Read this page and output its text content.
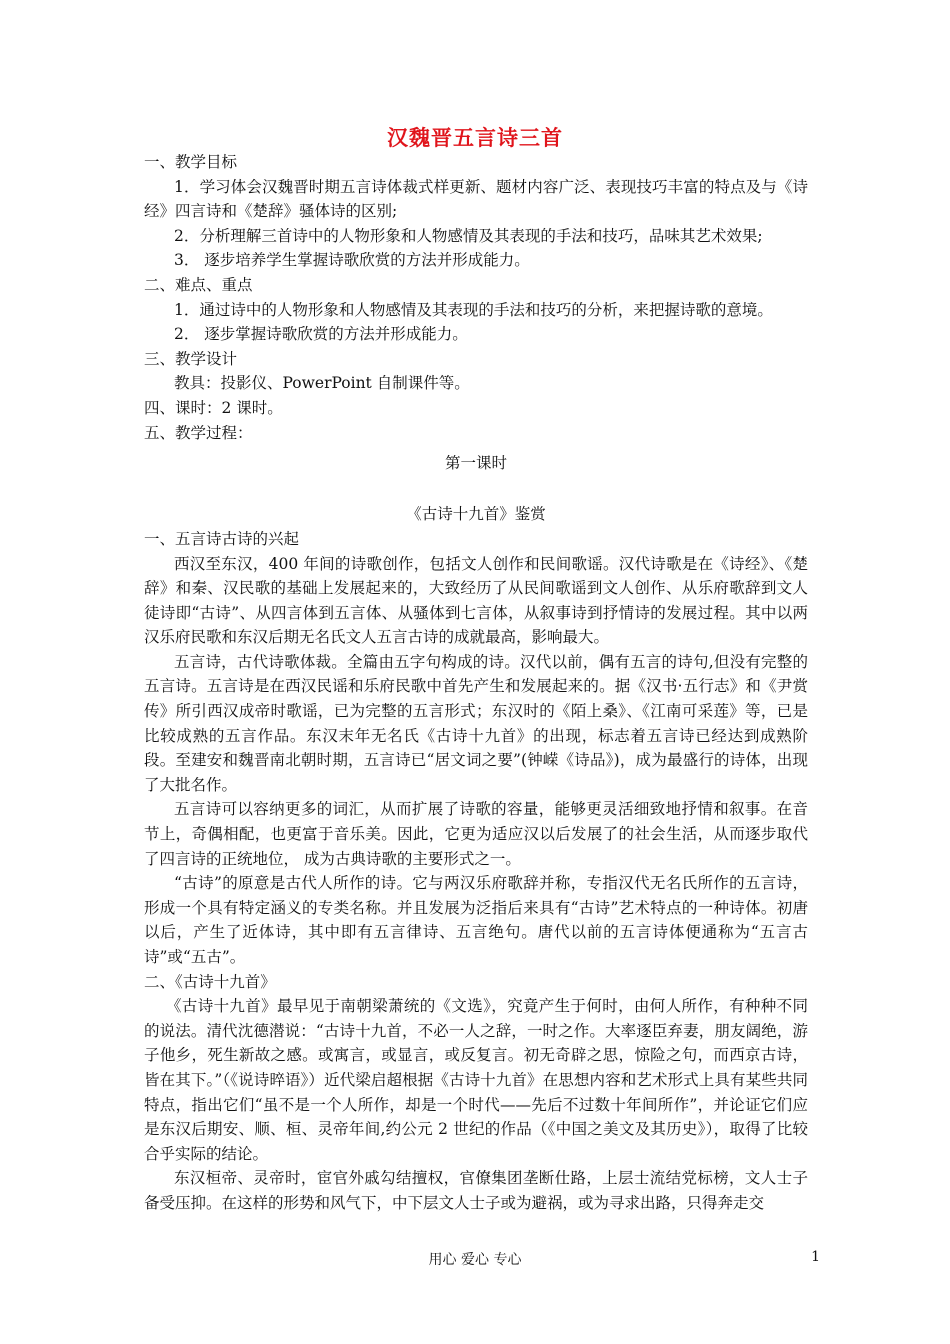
汉魏晋五言诗三首

一、教学目标

1．学习体会汉魏晋时期五言诗体裁式样更新、题材内容广泛、表现技巧丰富的特点及与《诗经》四言诗和《楚辞》骚体诗的区别;

2．分析理解三首诗中的人物形象和人物感情及其表现的手法和技巧，品味其艺术效果;

3． 逐步培养学生掌握诗歌欣赏的方法并形成能力。

二、难点、重点

1．通过诗中的人物形象和人物感情及其表现的手法和技巧的分析，来把握诗歌的意境。

2． 逐步掌握诗歌欣赏的方法并形成能力。

三、教学设计

教具：投影仪、PowerPoint 自制课件等。

四、课时：2 课时。

五、教学过程：

第一课时

《古诗十九首》鉴赏

一、五言诗古诗的兴起

西汉至东汉，400 年间的诗歌创作，包括文人创作和民间歌谣。汉代诗歌是在《诗经》、《楚辞》和秦、汉民歌的基础上发展起来的，大致经历了从民间歌谣到文人创作、从乐府歌辞到文人徒诗即“古诗”、从四言体到五言体、从骚体到七言体，从叙事诗到抒情诗的发展过程。其中以两汉乐府民歌和东汉后期无名氏文人五言古诗的成就最高，影响最大。

五言诗，古代诗歌体裁。全篇由五字句构成的诗。汉代以前，偶有五言的诗句,但没有完整的五言诗。五言诗是在西汉民谣和乐府民歌中首先产生和发展起来的。据《汉书·五行志》和《尹赏传》所引西汉成帝时歌谣，已为完整的五言形式；东汉时的《陌上桑》、《江南可采莲》等，已是比较成熟的五言作品。东汉末年无名氏《古诗十九首》的出现，标志着五言诗已经达到成熟阶段。至建安和魏晋南北朝时期，五言诗已“居文词之要”(钟嵘《诗品》)，成为最盛行的诗体，出现了大批名作。

五言诗可以容纳更多的词汇，从而扩展了诗歌的容量，能够更灵活细致地抒情和叙事。在音节上，奇偶相配，也更富于音乐美。因此，它更为适应汉以后发展了的社会生活，从而逐步取代了四言诗的正统地位， 成为古典诗歌的主要形式之一。

“古诗”的原意是古代人所作的诗。它与两汉乐府歌辞并称，专指汉代无名氏所作的五言诗，形成一个具有特定涵义的专类名称。并且发展为泛指后来具有“古诗”艺术特点的一种诗体。初唐以后，产生了近体诗，其中即有五言律诗、五言绝句。唐代以前的五言诗体便通称为“五言古诗”或“五古”。

二、《古诗十九首》

《古诗十九首》最早见于南朝梁萧统的《文选》，究竟产生于何时，由何人所作，有种种不同的说法。清代沈德潜说：“古诗十九首，不必一人之辞，一时之作。大率逐臣弃妻，朋友阔绝，游子他乡，死生新故之感。或寓言，或显言，或反复言。初无奇辟之思，惊险之句，而西京古诗，皆在其下。”（《说诗晬语》）近代梁启超根据《古诗十九首》在思想内容和艺术形式上具有某些共同特点，指出它们“虽不是一个人所作，却是一个时代——先后不过数十年间所作”，并论证它们应是东汉后期安、顺、桓、灵帝年间,约公元 2 世纪的作品（《中国之美文及其历史》），取得了比较合乎实际的结论。

东汉桓帝、灵帝时，宦官外戚勾结擅权，官僚集团垄断仕路，上层士流结党标榜，文人士子备受压抑。在这样的形势和风气下，中下层文人士子或为避祸，或为寻求出路，只得奔走交

用心 爱心 专心	1
